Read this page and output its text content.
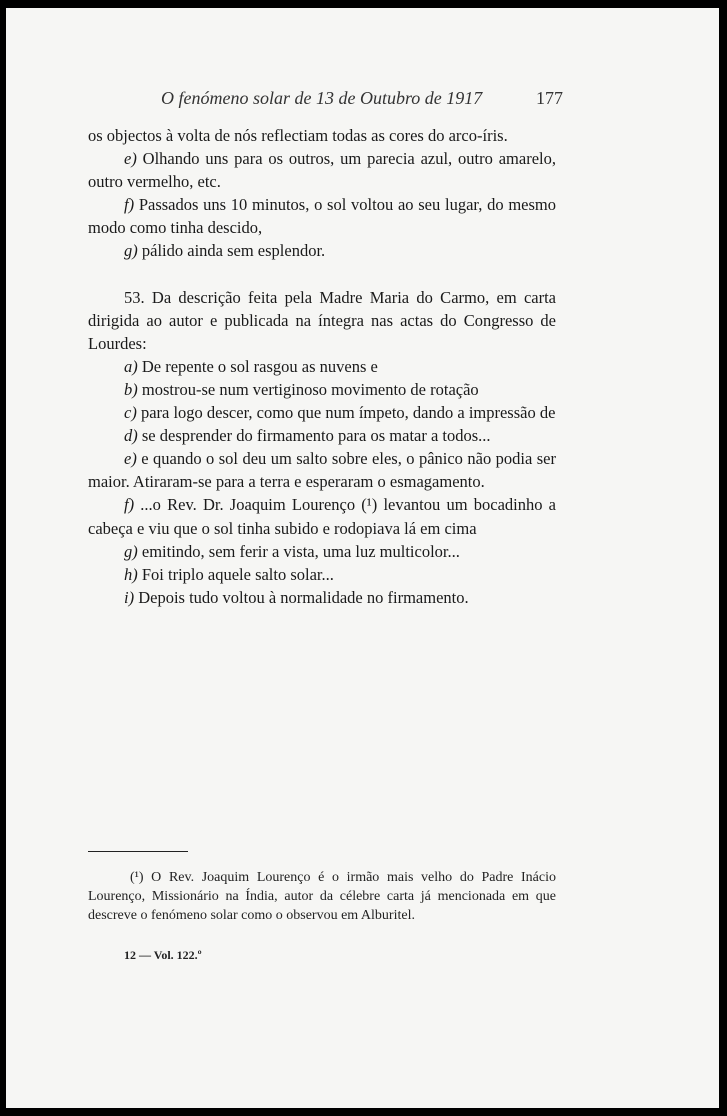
O fenómeno solar de 13 de Outubro de 1917	177

os objectos à volta de nós reflectiam todas as cores do arco-íris.

e) Olhando uns para os outros, um parecia azul, outro amarelo, outro vermelho, etc.

f) Passados uns 10 minutos, o sol voltou ao seu lugar, do mesmo modo como tinha descido,

g) pálido ainda sem esplendor.

53. Da descrição feita pela Madre Maria do Carmo, em carta dirigida ao autor e publicada na íntegra nas actas do Congresso de Lourdes:

a) De repente o sol rasgou as nuvens e

b) mostrou-se num vertiginoso movimento de rotação

c) para logo descer, como que num ímpeto, dando a impressão de

d) se desprender do firmamento para os matar a todos...

e) e quando o sol deu um salto sobre eles, o pânico não podia ser maior. Atiraram-se para a terra e esperaram o esmagamento.

f) ...o Rev. Dr. Joaquim Lourenço (¹) levantou um bocadinho a cabeça e viu que o sol tinha subido e rodopiava lá em cima

g) emitindo, sem ferir a vista, uma luz multicolor...

h) Foi triplo aquele salto solar...

i) Depois tudo voltou à normalidade no firmamento.

(¹) O Rev. Joaquim Lourenço é o irmão mais velho do Padre Inácio Lourenço, Missionário na Índia, autor da célebre carta já mencionada em que descreve o fenómeno solar como o observou em Alburitel.

12 — Vol. 122.º
